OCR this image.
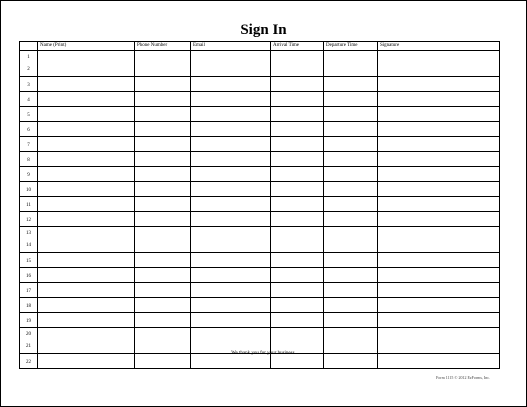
Sign In
	Name (Print)	Phone Number	Email	Arrival Time	Departure Time	Signature

1
2						

3						

4						

5						

6						

7						

8						

9						

10						

11						

12						

13
14						

15						

16						

17						

18						

19						

20
21						

22						

We thank you for your business.
Form 1115 © 2012 EzForms, Inc.
